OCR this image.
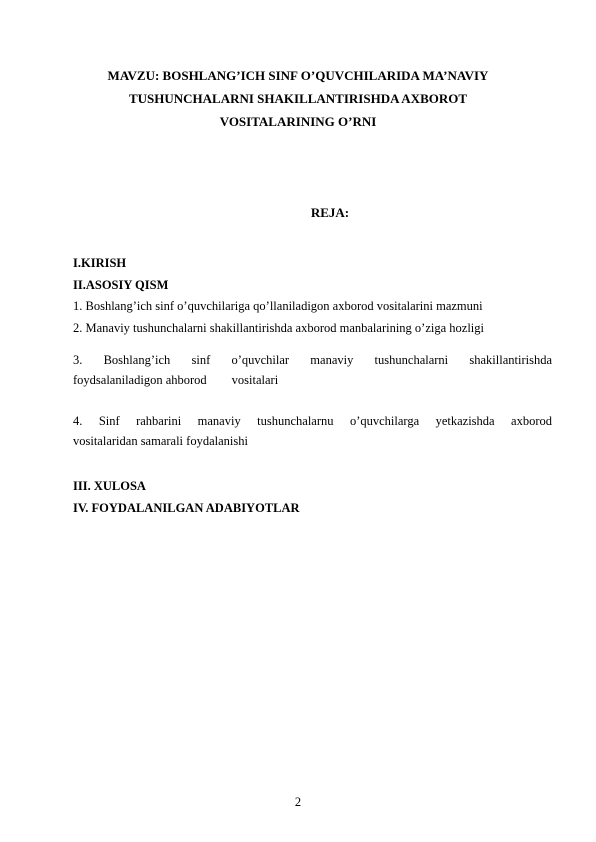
MAVZU: BOSHLANG’ICH SINF O’QUVCHILARIDA MA’NAVIY
TUSHUNCHALARNI SHAKILLANTIRISHDA AXBOROT
VOSITALARINING O’RNI
REJA:
I.KIRISH
II.ASOSIY QISM
1. Boshlang’ich sinf o’quvchilariga qo’llaniladigon axborod vositalarini mazmuni
2. Manaviy tushunchalarni shakillantirishda axborod manbalarining o’ziga hozligi
3. Boshlang’ich sinf o’quvchilar manaviy tushunchalarni shakillantirishda
foydsalaniladigon ahborod        vositalari
4. Sinf rahbarini manaviy tushunchalarnu o’quvchilarga yetkazishda axborod
vositalaridan samarali foydalanishi
III. XULOSA
IV. FOYDALANILGAN ADABIYOTLAR
2
